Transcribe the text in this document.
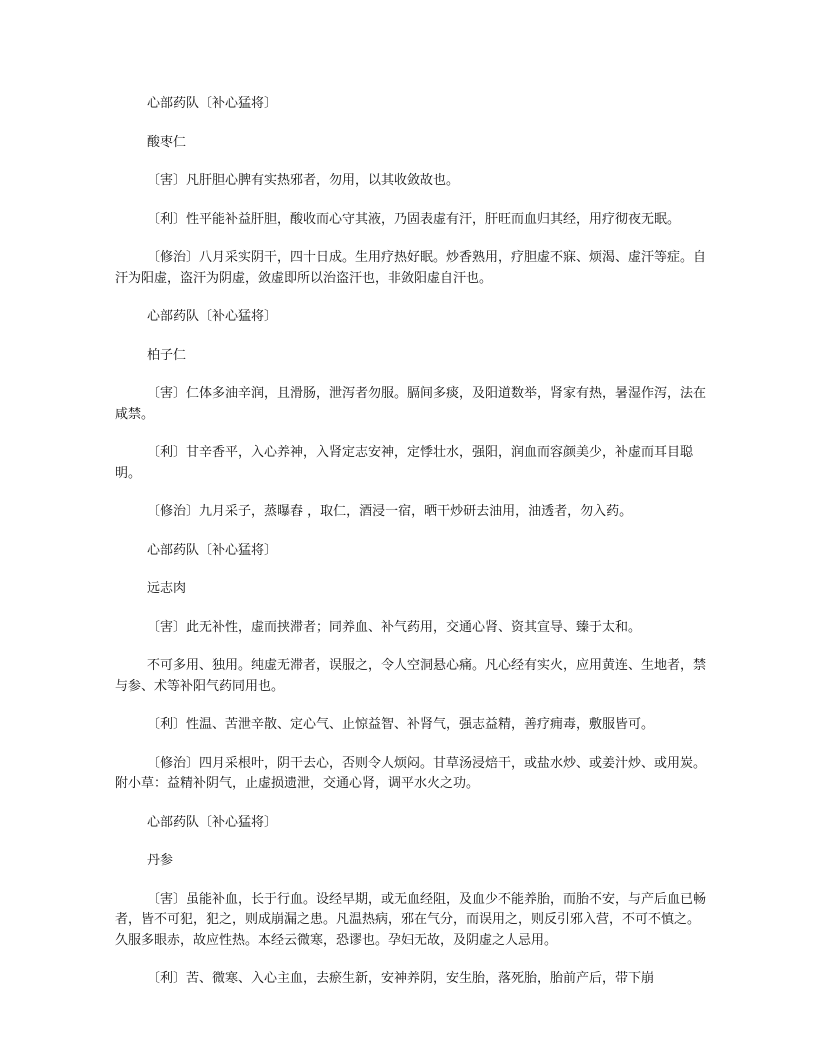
心部药队〔补心猛将〕

酸枣仁

〔害〕凡肝胆心脾有实热邪者，勿用，以其收敛故也。

〔利〕性平能补益肝胆，酸收而心守其液，乃固表虚有汗，肝旺而血归其经，用疗彻夜无眠。

〔修治〕八月采实阴干，四十日成。生用疗热好眠。炒香熟用，疗胆虚不寐、烦渴、虚汗等症。自汗为阳虚，盗汗为阴虚，敛虚即所以治盗汗也，非敛阳虚自汗也。

心部药队〔补心猛将〕

柏子仁

〔害〕仁体多油辛润，且滑肠，泄泻者勿服。膈间多痰，及阳道数举，肾家有热，暑湿作泻，法在咸禁。

〔利〕甘辛香平，入心养神，入肾定志安神，定悸壮水，强阳，润血而容颜美少，补虚而耳目聪明。

〔修治〕九月采子，蒸曝舂 ，取仁，酒浸一宿，晒干炒研去油用，油透者，勿入药。

心部药队〔补心猛将〕

远志肉

〔害〕此无补性，虚而挟滞者；同养血、补气药用，交通心肾、资其宣导、臻于太和。

不可多用、独用。纯虚无滞者，误服之，令人空洞悬心痛。凡心经有实火，应用黄连、生地者，禁与参、术等补阳气药同用也。

〔利〕性温、苦泄辛散、定心气、止惊益智、补肾气，强志益精，善疗痈毒，敷服皆可。

〔修治〕四月采根叶，阴干去心，否则令人烦闷。甘草汤浸焙干，或盐水炒、或姜汁炒、或用炭。附小草：益精补阴气，止虚损遗泄，交通心肾，调平水火之功。

心部药队〔补心猛将〕

丹参

〔害〕虽能补血，长于行血。设经早期，或无血经阻，及血少不能养胎，而胎不安，与产后血已畅者，皆不可犯，犯之，则成崩漏之患。凡温热病，邪在气分，而误用之，则反引邪入营，不可不慎之。久服多眼赤，故应性热。本经云微寒，恐谬也。孕妇无故，及阴虚之人忌用。

〔利〕苦、微寒、入心主血，去瘀生新，安神养阴，安生胎，落死胎，胎前产后，带下崩
